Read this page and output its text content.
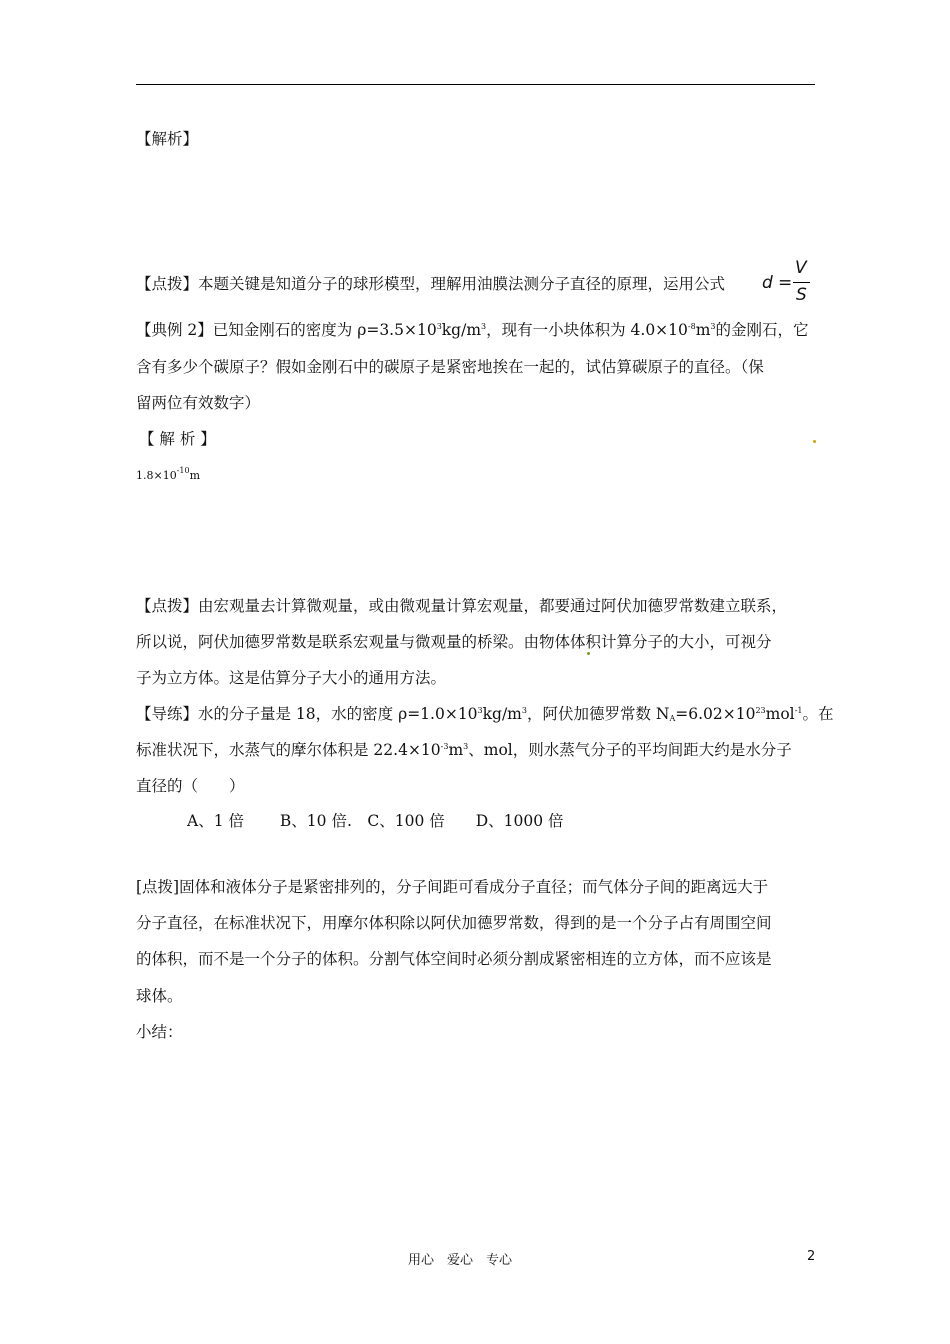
【解析】
【点拨】本题关键是知道分子的球形模型，理解用油膜法测分子直径的原理，运用公式 d =
V
S
【典例 2】已知金刚石的密度为 $\rho=3.5\times 10^3kg/m^3$，现有一小块体积为 $4.0\times 10^{-8}m^3$的金刚石，它
含有多少个碳原子？假如金刚石中的碳原子是紧密地挨在一起的，试估算碳原子的直径。（保
留两位有效数字）
【 解 析 】
$1.8\times 10^{-10}m$
【点拨】由宏观量去计算微观量，或由微观量计算宏观量，都要通过阿伏加德罗常数建立联系，
所以说，阿伏加德罗常数是联系宏观量与微观量的桥梁。由物体体积计算分子的大小，可视分
子为立方体。这是估算分子大小的通用方法。
【导练】水的分子量是 18，水的密度 $\rho=1.0\times 10^3kg/m^3$，阿伏加德罗常数 $N_A=6.02\times 10^{23}mol^{-1}$。在
标准状况下，水蒸气的摩尔体积是 $22.4\times 10^{-3}m^3$、mol，则水蒸气分子的平均间距大约是水分子
直径的（　　）
A、1 倍　　 B、10 倍.　C、100 倍　　D、1000 倍
[点拨]固体和液体分子是紧密排列的，分子间距可看成分子直径；而气体分子间的距离远大于
分子直径，在标准状况下，用摩尔体积除以阿伏加德罗常数，得到的是一个分子占有周围空间
的体积，而不是一个分子的体积。分割气体空间时必须分割成紧密相连的立方体，而不应该是
球体。
小结：
用心　爱心　专心	2
